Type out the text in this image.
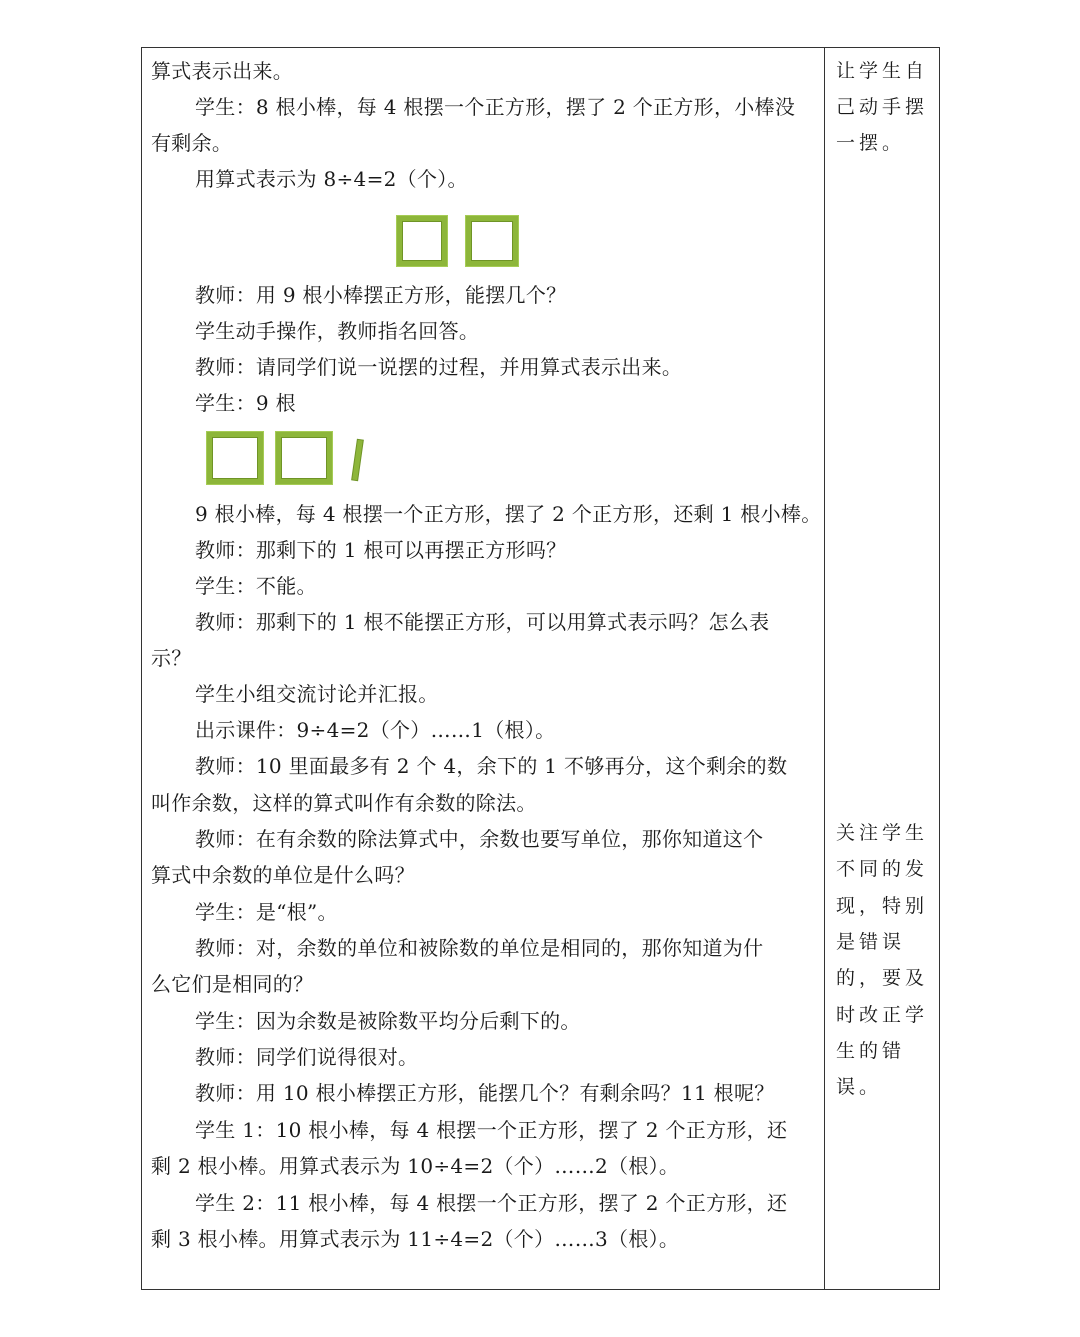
算式表示出来。
学生：8 根小棒，每 4 根摆一个正方形，摆了 2 个正方形，小棒没
有剩余。
用算式表示为 8÷4=2（个）。
教师：用 9 根小棒摆正方形，能摆几个？
学生动手操作，教师指名回答。
教师：请同学们说一说摆的过程，并用算式表示出来。
学生：9 根
9 根小棒，每 4 根摆一个正方形，摆了 2 个正方形，还剩 1 根小棒。
教师：那剩下的 1 根可以再摆正方形吗？
学生：不能。
教师：那剩下的 1 根不能摆正方形，可以用算式表示吗？怎么表
示？
学生小组交流讨论并汇报。
出示课件：9÷4=2（个）……1（根）。
教师：10 里面最多有 2 个 4，余下的 1 不够再分，这个剩余的数
叫作余数，这样的算式叫作有余数的除法。
教师：在有余数的除法算式中，余数也要写单位，那你知道这个
算式中余数的单位是什么吗？
学生：是“根”。
教师：对，余数的单位和被除数的单位是相同的，那你知道为什
么它们是相同的？
学生：因为余数是被除数平均分后剩下的。
教师：同学们说得很对。
教师：用 10 根小棒摆正方形，能摆几个？有剩余吗？11 根呢？
学生 1：10 根小棒，每 4 根摆一个正方形，摆了 2 个正方形，还
剩 2 根小棒。用算式表示为 10÷4=2（个）……2（根）。
学生 2：11 根小棒，每 4 根摆一个正方形，摆了 2 个正方形，还
剩 3 根小棒。用算式表示为 11÷4=2（个）……3（根）。
让学生自
己动手摆
一摆。
关注学生
不同的发
现，特别
是错误
的，要及
时改正学
生的错
误。
